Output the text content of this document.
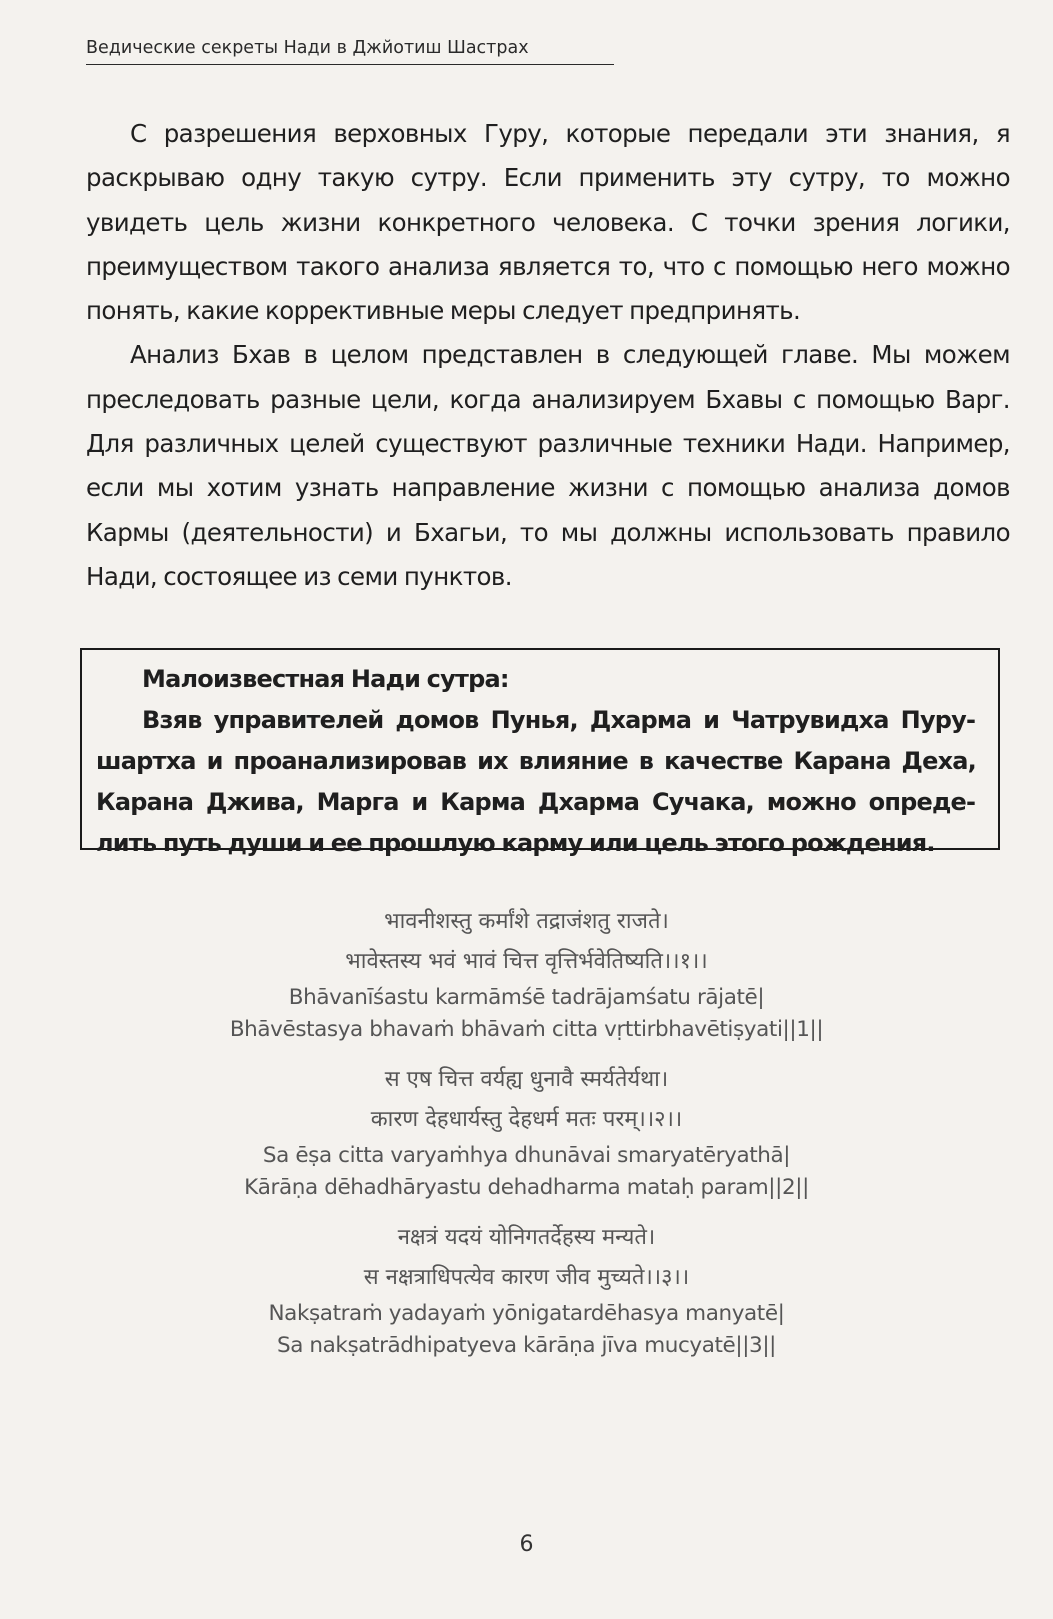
Ведические секреты Нади в Джйотиш Шастрах

С разрешения верховных Гуру, которые передали эти знания, я раскрываю одну такую сутру. Если применить эту сутру, то можно увидеть цель жизни конкретного человека. С точки зрения логики, преимуществом такого анализа является то, что с помощью него можно понять, какие коррективные меры следует предпринять.

Анализ Бхав в целом представлен в следующей главе. Мы можем преследовать разные цели, когда анализируем Бхавы с помощью Варг. Для различных целей существуют различные техники Нади. Например, если мы хотим узнать направление жизни с помощью анализа домов Кармы (деятельности) и Бхагьи, то мы должны использовать правило Нади, состоящее из семи пунктов.

Малоизвестная Нади сутра:
Взяв управителей домов Пунья, Дхарма и Чатрувидха Пурушартха и проанализировав их влияние в качестве Карана Деха, Карана Джива, Марга и Карма Дхарма Сучака, можно определить путь души и ее прошлую карму или цель этого рождения.
भावनीशस्तु कर्मांशे तद्राजंशतु राजते।
भावेस्तस्य भवं भावं चित्त वृत्तिर्भवेतिष्यति।।१।।
Bhāvanīśastu karmāmśē tadrājamśatu rājatē|
Bhāvēstasya bhavaṁ bhāvaṁ citta vṛttirbhavētiṣyati||1||
स एष चित्त वर्यह्य धुनावै स्मर्यतेर्यथा।
कारण देहधार्यस्तु देहधर्म मतः परम्।।२।।
Sa ēṣa citta varyaṁhya dhunāvai smaryatēryathā|
Kārāṇa dēhadhāryastu dehadharma mataḥ param||2||
नक्षत्रं यदयं योनिगतर्देहस्य मन्यते।
स नक्षत्राधिपत्येव कारण जीव मुच्यते।।३।।
Nakṣatraṁ yadayaṁ yōnigatardēhasya manyatē|
Sa nakṣatrādhipatyeva kārāṇa jīva mucyatē||3||
6
